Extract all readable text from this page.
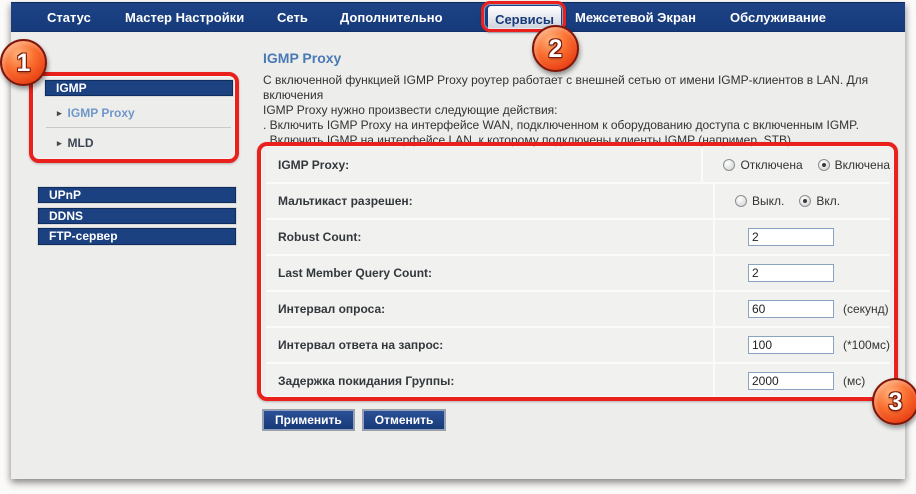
Статус	Мастер Настройки	Сеть Дополнительно	Сервисы	Межсетевой Экран	Обслуживание
IGMP
▸ IGMP Proxy
▸ MLD
UPnP
DDNS
FTP-сервер
IGMP Proxy
С включенной функцией IGMP Proxy роутер работает с внешней сетью от имени IGMP-клиентов в LAN. Для включения
IGMP Proxy нужно произвести следующие действия:
. Включить IGMP Proxy на интерфейсе WAN, подключенном к оборудованию доступа с включенным IGMP.
. Включить IGMP на интерфейсе LAN, к которому подключены клиенты IGMP (например, STB).
IGMP Proxy:	Отключена	Включена
Мальтикаст разрешен:	Выкл.	Вкл.
Robust Count:
2
Last Member Query Count:
2
Интервал опроса:
60	(секунд)
Интервал ответа на запрос:
100	(*100мс)
Задержка покидания Группы:
2000	(мс)
Применить	Отменить
1	2
3
